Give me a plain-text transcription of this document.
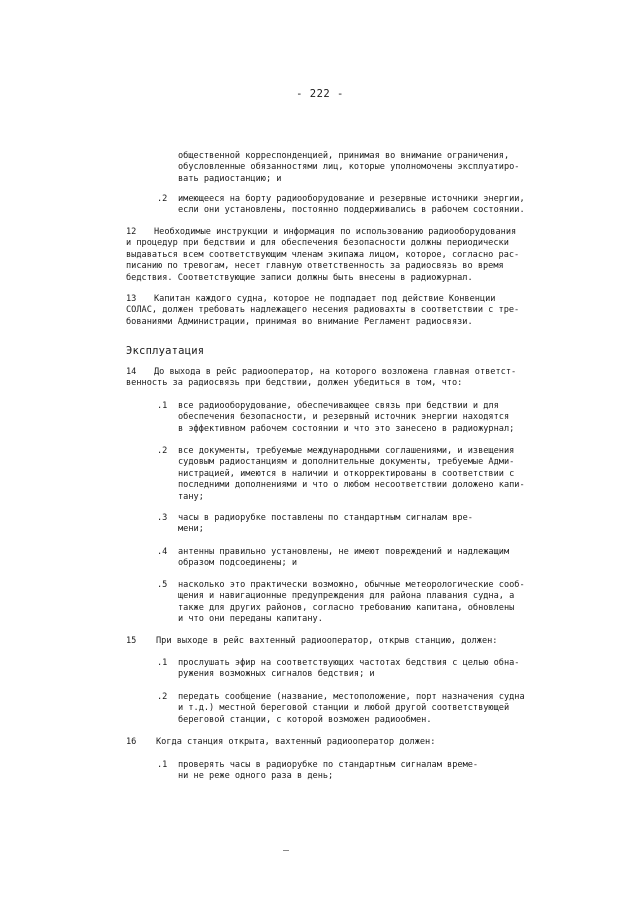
- 222 -

общественной корреспонденцией, принимая во внимание ограничения,
обусловленные обязанностями лиц, которые уполномочены эксплуатиро-
вать радиостанцию; и

.2 имеющееся на борту радиооборудование и резервные источники энергии,
если они установлены, постоянно поддерживались в рабочем состоянии.

12	Необходимые инструкции и информация по использованию радиооборудования
и процедур при бедствии и для обеспечения безопасности должны периодически
выдаваться всем соответствующим членам экипажа лицом, которое, согласно рас-
писанию по тревогам, несет главную ответственность за радиосвязь во время
бедствия. Соответствующие записи должны быть внесены в радиожурнал.

13	Капитан каждого судна, которое не подпадает под действие Конвенции
СОЛАС, должен требовать надлежащего несения радиовахты в соответствии с тре-
бованиями Администрации, принимая во внимание Регламент радиосвязи.

Эксплуатация
14	До выхода в рейс радиооператор, на которого возложена главная ответст-
венность за радиосвязь при бедствии, должен убедиться в том, что:

.1 все радиооборудование, обеспечивающее связь при бедствии и для
обеспечения безопасности, и резервный источник энергии находятся
в эффективном рабочем состоянии и что это занесено в радиожурнал;

.2 все документы, требуемые международными соглашениями, и извещения
судовым радиостанциям и дополнительные документы, требуемые Адми-
нистрацией, имеются в наличии и откорректированы в соответствии с
последними дополнениями и что о любом несоответствии доложено капи-
тану;

.3 часы в радиорубке поставлены по стандартным сигналам вре-
мени;

.4 антенны правильно установлены, не имеют повреждений и надлежащим
образом подсоединены; и

.5 насколько это практически возможно, обычные метеорологические сооб-
щения и навигационные предупреждения для района плавания судна, а
также для других районов, согласно требованию капитана, обновлены
и что они переданы капитану.

15 При выходе в рейс вахтенный радиооператор, открыв станцию, должен:

.1 прослушать эфир на соответствующих частотах бедствия с целью обна-
ружения возможных сигналов бедствия; и

.2 передать сообщение (название, местоположение, порт назначения судна
и т.д.) местной береговой станции и любой другой соответствующей
береговой станции, с которой возможен радиообмен.

16 Когда станция открыта, вахтенный радиооператор должен:

.1 проверять часы в радиорубке по стандартным сигналам време-
ни не реже одного раза в день;
